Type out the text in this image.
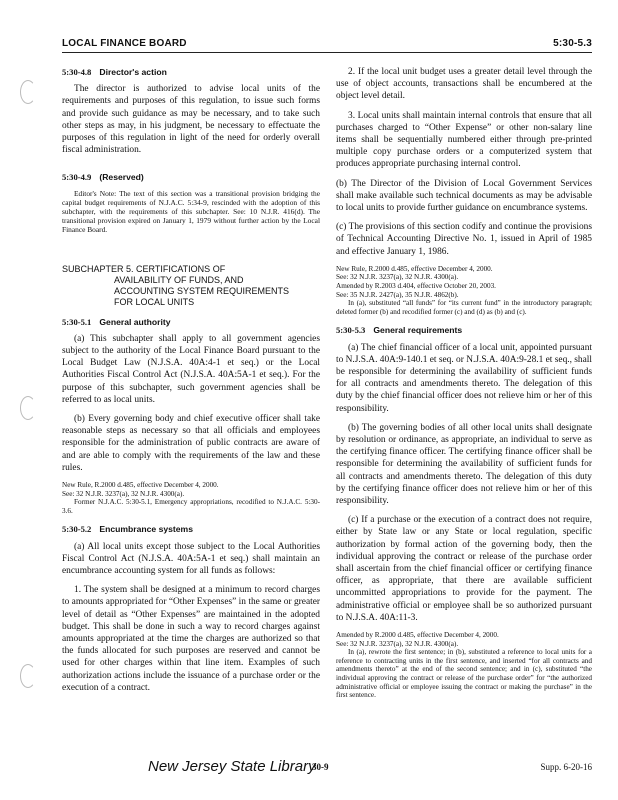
LOCAL FINANCE BOARD	5:30-5.3
5:30-4.8 Director's action

The director is authorized to advise local units of the requirements and purposes of this regulation, to issue such forms and provide such guidance as may be necessary, and to take such other steps as may, in his judgment, be necessary to effectuate the purposes of this regulation in light of the need for orderly overall fiscal administration.

5:30-4.9 (Reserved)
Editor's Note: The text of this section was a transitional provision bridging the capital budget requirements of N.J.A.C. 5:34-9, rescinded with the adoption of this subchapter, with the requirements of this subchapter. See: 10 N.J.R. 416(d). The transitional provision expired on January 1, 1979 without further action by the Local Finance Board.
SUBCHAPTER 5. CERTIFICATIONS OF
AVAILABILITY OF FUNDS, AND
ACCOUNTING SYSTEM REQUIREMENTS
FOR LOCAL UNITS
5:30-5.1 General authority

(a) This subchapter shall apply to all government agencies subject to the authority of the Local Finance Board pursuant to the Local Budget Law (N.J.S.A. 40A:4-1 et seq.) or the Local Authorities Fiscal Control Act (N.J.S.A. 40A:5A-1 et seq.). For the purpose of this subchapter, such government agencies shall be referred to as local units.

(b) Every governing body and chief executive officer shall take reasonable steps as necessary so that all officials and employees responsible for the administration of public contracts are aware of and are able to comply with the requirements of the law and these rules.

New Rule, R.2000 d.485, effective December 4, 2000.
See: 32 N.J.R. 3237(a), 32 N.J.R. 4300(a).
Former N.J.A.C. 5:30-5.1, Emergency appropriations, recodified to N.J.A.C. 5:30-3.6.
5:30-5.2 Encumbrance systems

(a) All local units except those subject to the Local Authorities Fiscal Control Act (N.J.S.A. 40A:5A-1 et seq.) shall maintain an encumbrance accounting system for all funds as follows:

1. The system shall be designed at a minimum to record charges to amounts appropriated for “Other Expenses” in the same or greater level of detail as “Other Expenses” are maintained in the adopted budget. This shall be done in such a way to record charges against amounts appropriated at the time the charges are authorized so that the funds allocated for such purposes are reserved and cannot be used for other charges within that line item. Examples of such authorization actions include the issuance of a purchase order or the execution of a contract.

2. If the local unit budget uses a greater detail level through the use of object accounts, transactions shall be encumbered at the object level detail.

3. Local units shall maintain internal controls that ensure that all purchases charged to “Other Expense” or other non-salary line items shall be sequentially numbered either through pre-printed multiple copy purchase orders or a computerized system that produces appropriate purchasing internal control.

(b) The Director of the Division of Local Government Services shall make available such technical documents as may be advisable to local units to provide further guidance on encumbrance systems.

(c) The provisions of this section codify and continue the provisions of Technical Accounting Directive No. 1, issued in April of 1985 and effective January 1, 1986.

New Rule, R.2000 d.485, effective December 4, 2000.
See: 32 N.J.R. 3237(a), 32 N.J.R. 4300(a).
Amended by R.2003 d.404, effective October 20, 2003.
See: 35 N.J.R. 2427(a), 35 N.J.R. 4862(b).
In (a), substituted “all funds” for “its current fund” in the introductory paragraph; deleted former (b) and recodified former (c) and (d) as (b) and (c).
5:30-5.3 General requirements

(a) The chief financial officer of a local unit, appointed pursuant to N.J.S.A. 40A:9-140.1 et seq. or N.J.S.A. 40A:9-28.1 et seq., shall be responsible for determining the availability of sufficient funds for all contracts and amendments thereto. The delegation of this duty by the chief financial officer does not relieve him or her of this responsibility.

(b) The governing bodies of all other local units shall designate by resolution or ordinance, as appropriate, an individual to serve as the certifying finance officer. The certifying finance officer shall be responsible for determining the availability of sufficient funds for all contracts and amendments thereto. The delegation of this duty by the certifying finance officer does not relieve him or her of this responsibility.

(c) If a purchase or the execution of a contract does not require, either by State law or any State or local regulation, specific authorization by formal action of the governing body, then the individual approving the contract or release of the purchase order shall ascertain from the chief financial officer or certifying finance officer, as appropriate, that there are available sufficient uncommitted appropriations to provide for the payment. The administrative official or employee shall be so authorized pursuant to N.J.S.A. 40A:11-3.

Amended by R.2000 d.485, effective December 4, 2000.
See: 32 N.J.R. 3237(a), 32 N.J.R. 4300(a).
In (a), rewrote the first sentence; in (b), substituted a reference to local units for a reference to contracting units in the first sentence, and inserted “for all contracts and amendments thereto” at the end of the second sentence; and in (c), substituted “the individual approving the contract or release of the purchase order” for “the authorized administrative official or employee issuing the contract or making the purchase” in the first sentence.
New Jersey State Library
30-9	Supp. 6-20-16
